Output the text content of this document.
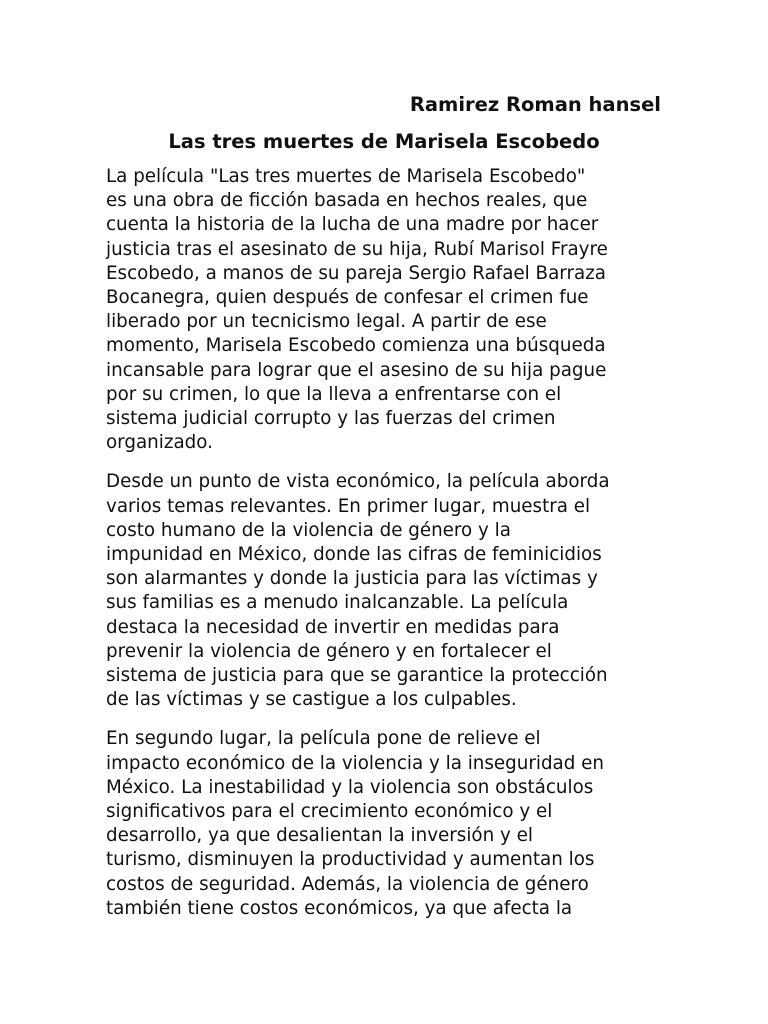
Ramirez Roman hansel
Las tres muertes de Marisela Escobedo

La película "Las tres muertes de Marisela Escobedo"
es una obra de ficción basada en hechos reales, que
cuenta la historia de la lucha de una madre por hacer
justicia tras el asesinato de su hija, Rubí Marisol Frayre
Escobedo, a manos de su pareja Sergio Rafael Barraza
Bocanegra, quien después de confesar el crimen fue
liberado por un tecnicismo legal. A partir de ese
momento, Marisela Escobedo comienza una búsqueda
incansable para lograr que el asesino de su hija pague
por su crimen, lo que la lleva a enfrentarse con el
sistema judicial corrupto y las fuerzas del crimen
organizado.

Desde un punto de vista económico, la película aborda
varios temas relevantes. En primer lugar, muestra el
costo humano de la violencia de género y la
impunidad en México, donde las cifras de feminicidios
son alarmantes y donde la justicia para las víctimas y
sus familias es a menudo inalcanzable. La película
destaca la necesidad de invertir en medidas para
prevenir la violencia de género y en fortalecer el
sistema de justicia para que se garantice la protección
de las víctimas y se castigue a los culpables.

En segundo lugar, la película pone de relieve el
impacto económico de la violencia y la inseguridad en
México. La inestabilidad y la violencia son obstáculos
significativos para el crecimiento económico y el
desarrollo, ya que desalientan la inversión y el
turismo, disminuyen la productividad y aumentan los
costos de seguridad. Además, la violencia de género
también tiene costos económicos, ya que afecta la
